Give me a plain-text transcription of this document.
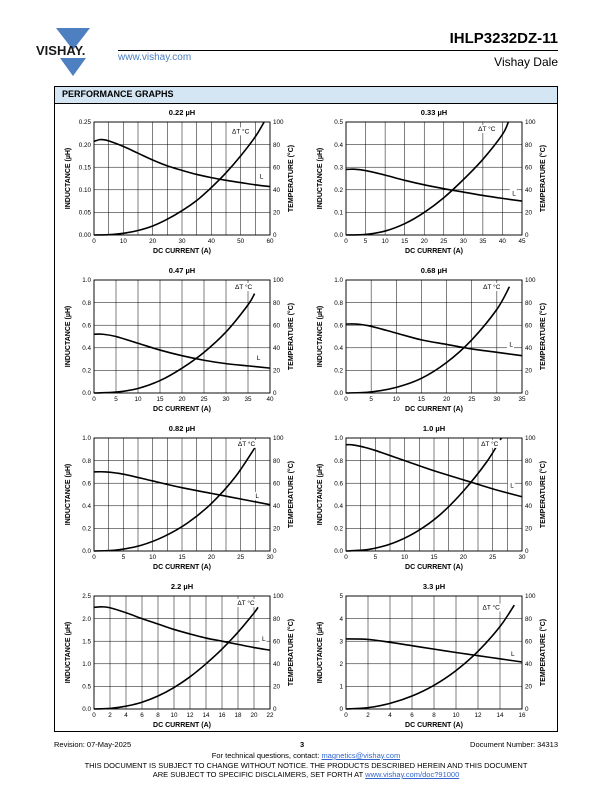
VISHAY.	www.vishay.com
IHLP3232DZ-11
Vishay Dale
PERFORMANCE GRAPHS
0.22 µH
0	10	20	30	40	50	60
0.00
0.05
0.10
0.15
0.20
0.25
0
20
40
60
80
100
DC CURRENT (A)
INDUCTANCE (µH)	TEMPERATURE (°C)
L
ΔT °C
0.33 µH
0	5 10 15 20 25 30 35 40 45
0.0
0.1
0.2
0.3
0.4
0.5
0
20
40
60
80
100
DC CURRENT (A)
INDUCTANCE (µH)	TEMPERATURE (°C)
L
ΔT °C
0.47 µH
0	5	10 15 20 25 30 35 40
0.0
0.2
0.4
0.6
0.8
1.0
0
20
40
60
80
100
DC CURRENT (A)
INDUCTANCE (µH)	TEMPERATURE (°C)
L
ΔT °C
0.68 µH
0	5	10	15	20	25	30	35
0.0
0.2
0.4
0.6
0.8
1.0
0
20
40
60
80
100
DC CURRENT (A)
INDUCTANCE (µH)	TEMPERATURE (°C)
L
ΔT °C
0.82 µH
0	5	10	15	20	25	30
0.0
0.2
0.4
0.6
0.8
1.0
0
20
40
60
80
100
DC CURRENT (A)
INDUCTANCE (µH)	TEMPERATURE (°C)
L
ΔT °C
1.0 µH
0	5	10	15	20	25	30
0.0
0.2
0.4
0.6
0.8
1.0
0
20
40
60
80
100
DC CURRENT (A)
INDUCTANCE (µH)	TEMPERATURE (°C)
L
ΔT °C
2.2 µH
0 2 4 6 8 10 12 14 16 18 20 22
0.0
0.5
1.0
1.5
2.0
2.5
0
20
40
60
80
100
DC CURRENT (A)
INDUCTANCE (µH)	TEMPERATURE (°C)
L
ΔT °C
3.3 µH
0	2	4	6	8	10 12 14 16
0
1
2
3
4
5
0
20
40
60
80
100
DC CURRENT (A)
INDUCTANCE (µH)	TEMPERATURE (°C)
L
ΔT °C
Revision: 07-May-2025	3	Document Number: 34313
For technical questions, contact: magnetics@vishay.com
THIS DOCUMENT IS SUBJECT TO CHANGE WITHOUT NOTICE. THE PRODUCTS DESCRIBED HEREIN AND THIS DOCUMENT
ARE SUBJECT TO SPECIFIC DISCLAIMERS, SET FORTH AT www.vishay.com/doc?91000
